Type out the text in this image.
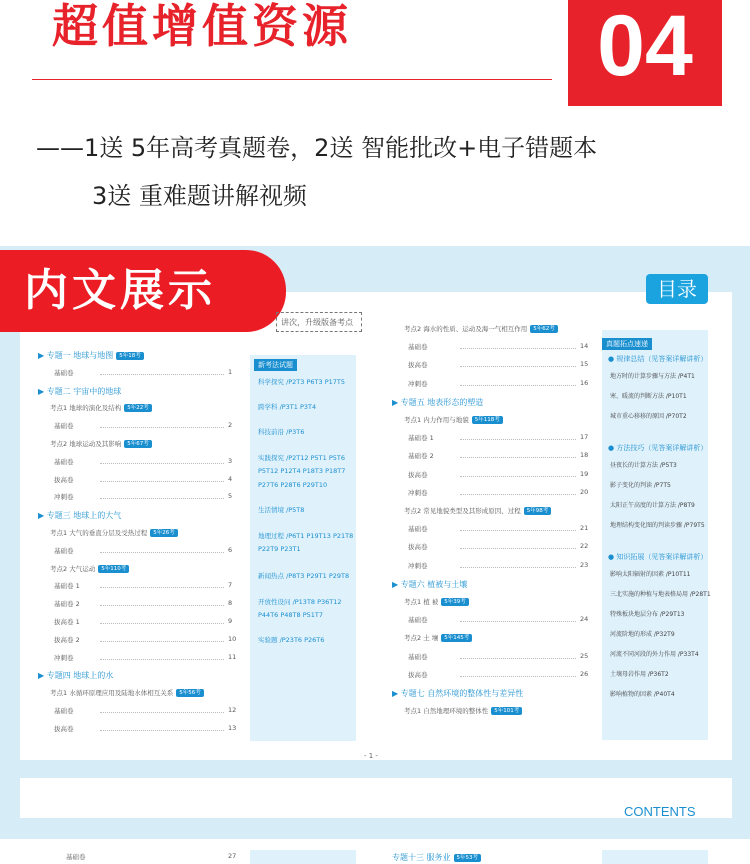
超值增值资源	04
——1送 5年高考真题卷，2送 智能批改+电子错题本
3送 重难题讲解视频
内文展示	目录
讲次，升级版备考点
新考法试题
科学探究 /P2T3 P6T3 P17T5
跨学科 /P3T1 P3T4
科技前沿 /P3T6
实践探究 /P2T12 P5T1 P5T6
P5T12 P12T4 P18T3 P18T7
P27T6 P28T6 P29T10
生活情境 /P5T8
地理过程 /P6T1 P19T13 P21T8
P22T9 P23T1
新闻热点 /P8T3 P29T1 P29T8
开放性设问 /P13T8 P36T12
P44T6 P48T8 P51T7
实验题 /P23T6 P26T6
真题拓点速递
● 规律总结（见答案详解讲析）
地方时的计算步骤与方法 /P4T1
寒、暖流的判断方法 /P10T1
城市重心移移的原因 /P70T2
● 方法技巧（见答案详解讲析）
昼夜长的计算方法 /P5T3
影子变化的判读 /P7T5
太阳正午高度的计算方法 /P8T9
地理结构变化图的判读步骤 /P79T5
● 知识拓展（见答案详解讲析）
影响太阳辐射的因素 /P10T11
三北实施的种植与地表格局用 /P28T1
特殊板块地层分布 /P29T13
河流阶地的形成 /P32T9
河流不同河段的外力作用 /P33T4
土壤母岩作用 /P36T2
影响植物的因素 /P40T4
- 1 -
CONTENTS
基础卷	27	专题十三 服务业 5年53考
▶ 专题一 地球与地图 5年18考
基础卷	1
▶ 专题二 宇宙中的地球
考点1 地球的演化及结构 5年22考
基础卷	2
考点2 地球运动及其影响 5年67考
基础卷	3
拔高卷	4
冲刺卷	5
▶ 专题三 地球上的大气
考点1 大气的垂直分层及受热过程 5年26考
基础卷	6
考点2 大气运动 5年110考
基础卷 1	7
基础卷 2	8
拔高卷 1	9
拔高卷 2	10
冲刺卷	11
▶ 专题四 地球上的水
考点1 水循环原理应用及陆地水体相互关系 5年56考
基础卷	12
拔高卷	13
考点2 海水的性质、运动及海一气相互作用 5年62考
基础卷	14
拔高卷	15
冲刺卷	16
▶ 专题五 地表形态的塑造
考点1 内力作用与地貌 5年118考
基础卷 1	17
基础卷 2	18
拔高卷	19
冲刺卷	20
考点2 常见地貌类型及其形成原因、过程 5年98考
基础卷	21
拔高卷	22
冲刺卷	23
▶ 专题六 植被与土壤
考点1 植 被 5年39考
基础卷	24
考点2 土 壤 5年145考
基础卷	25
拔高卷	26
▶ 专题七 自然环境的整体性与差异性
考点1 自然地理环境的整体性 5年101考
